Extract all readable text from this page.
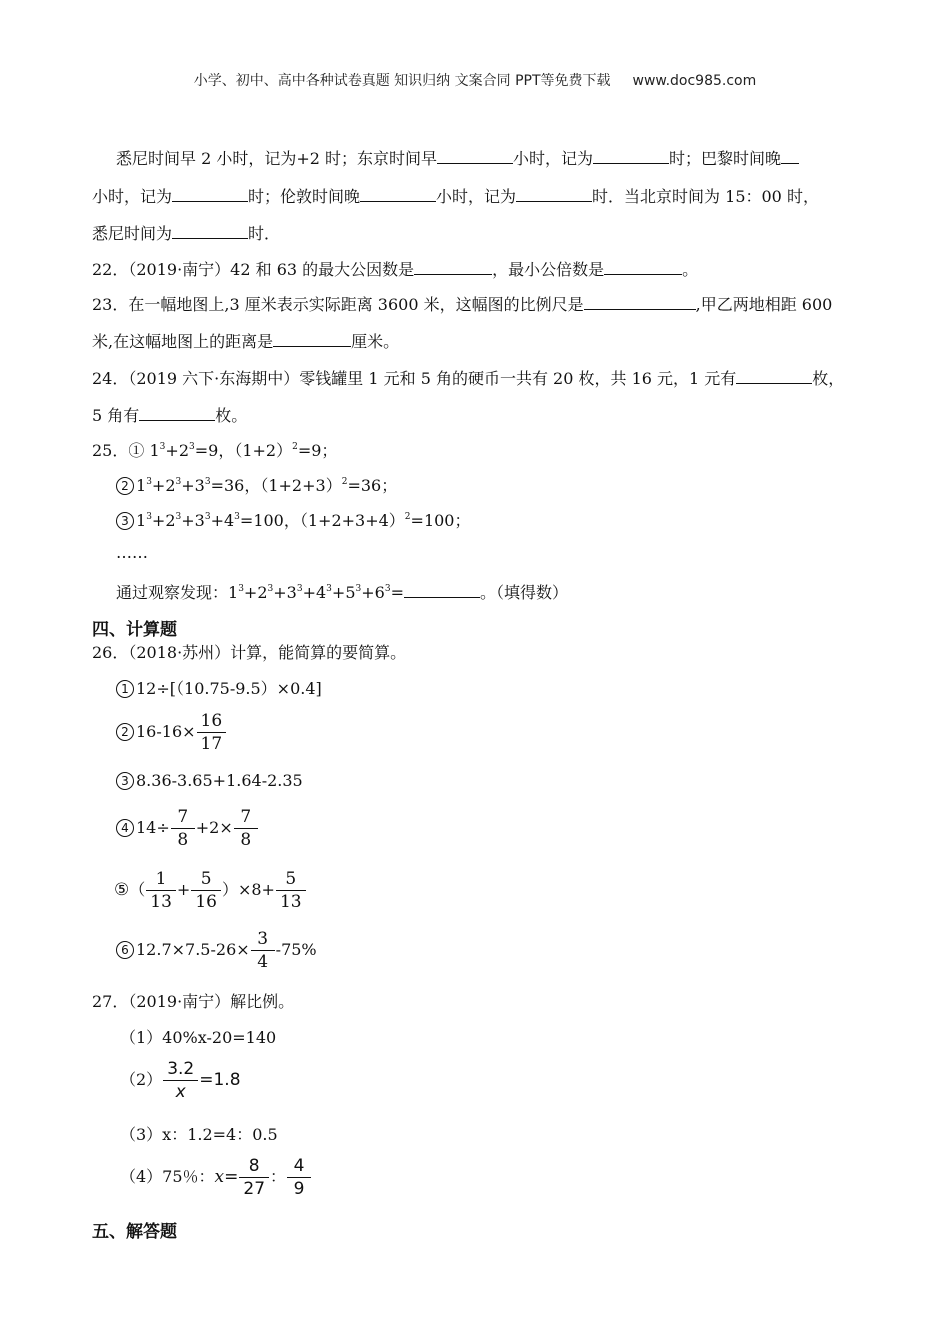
小学、初中、高中各种试卷真题 知识归纳 文案合同 PPT等免费下载 www.doc985.com
悉尼时间早 2 小时，记为+2 时；东京时间早	小时，记为	时；巴黎时间晚
小时，记为	时；伦敦时间晚	小时，记为	时．当北京时间为 15：00 时，
悉尼时间为	时．
22．（2019·南宁）42 和 63 的最大公因数是	，最小公倍数是	。
23．在一幅地图上,3 厘米表示实际距离 3600 米，这幅图的比例尺是	,甲乙两地相距 600
米,在这幅地图上的距离是	厘米。
24．（2019 六下·东海期中）零钱罐里 1 元和 5 角的硬币一共有 20 枚，共 16 元，1 元有	枚，
5 角有	枚。
25．① $1^3+2^3=9$，$(1+2)^2=9$；
2 $1^3+2^3+3^3=36$，$(1+2+3)^2=36$；
3 $1^3+2^3+3^3+4^3=100$，$(1+2+3+4)^2=100$；
……
通过观察发现：$1^3+2^3+3^3+4^3+5^3+6^3=$	。（填得数）
四、计算题
26．（2018·苏州）计算，能简算的要简算。
1 12÷[（10.75-9.5）×0.4]
2 $16-16\times \frac{16}{17}$
3 8.36-3.65+1.64-2.35
4 $14\div \frac{7}{8} +2\times \frac{7}{8}$
⑤（ $\frac{1}{13} + \frac{5}{16} )\times 8+ \frac{5}{13}$
6 $12.7\times 7.5-26\times \frac{3}{4} -75\%$
27．（2019·南宁）解比例。
（1）40%x-20=140
$(2) \frac{3.2}{x} =1.8$
（3）x：1.2=4：0.5
（4）75％：$x= \frac{8}{27}$ ： $\frac{4}{9}$
五、解答题
